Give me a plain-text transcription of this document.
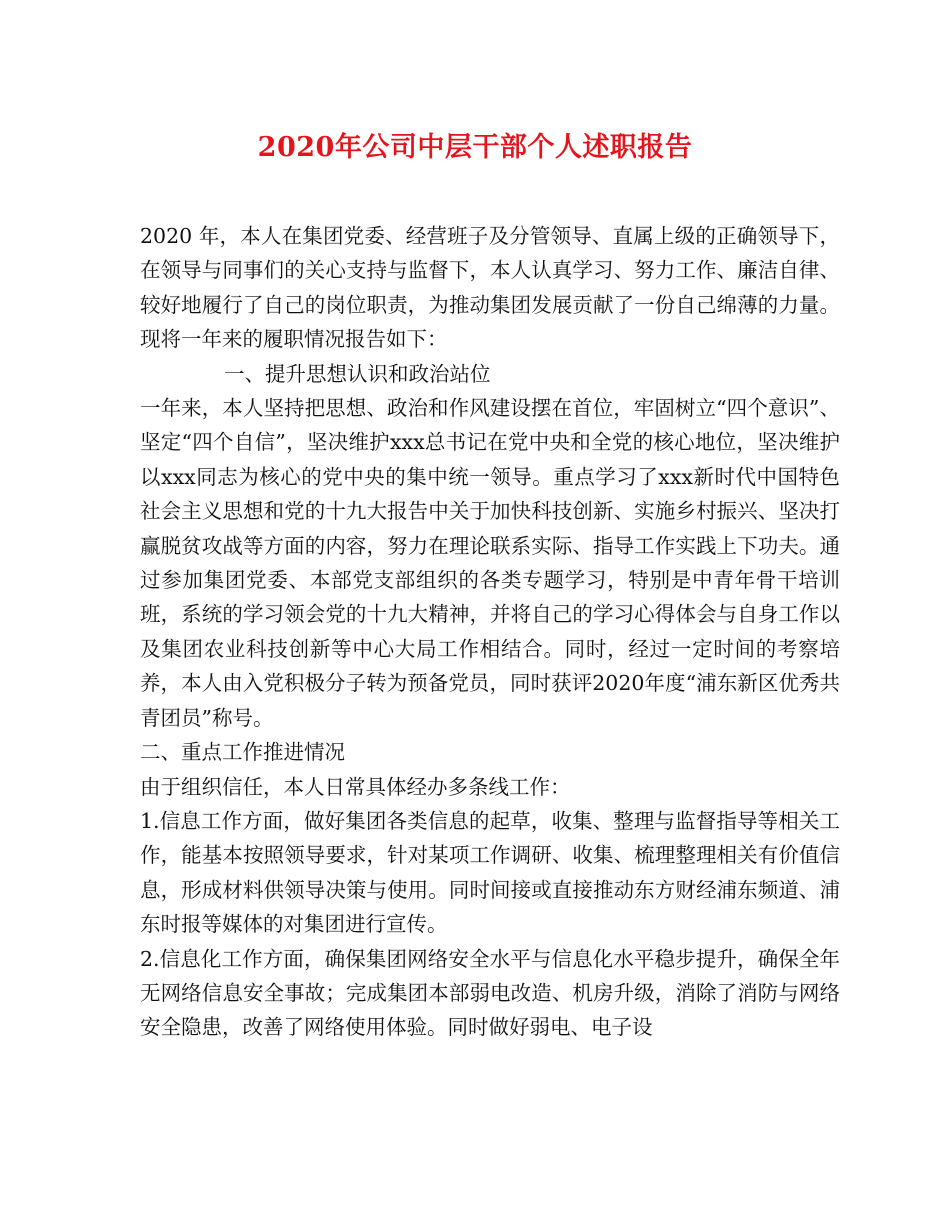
2020年公司中层干部个人述职报告

2020 年，本人在集团党委、经营班子及分管领导、直属上级的正确领导下，在领导与同事们的关心支持与监督下，本人认真学习、努力工作、廉洁自律、较好地履行了自己的岗位职责，为推动集团发展贡献了一份自己绵薄的力量。现将一年来的履职情况报告如下：

一、提升思想认识和政治站位

一年来，本人坚持把思想、政治和作风建设摆在首位，牢固树立“四个意识”、坚定“四个自信”，坚决维护xxx总书记在党中央和全党的核心地位，坚决维护以xxx同志为核心的党中央的集中统一领导。重点学习了xxx新时代中国特色社会主义思想和党的十九大报告中关于加快科技创新、实施乡村振兴、坚决打赢脱贫攻战等方面的内容，努力在理论联系实际、指导工作实践上下功夫。通过参加集团党委、本部党支部组织的各类专题学习，特别是中青年骨干培训班，系统的学习领会党的十九大精神，并将自己的学习心得体会与自身工作以及集团农业科技创新等中心大局工作相结合。同时，经过一定时间的考察培养，本人由入党积极分子转为预备党员，同时获评2020年度“浦东新区优秀共青团员”称号。

二、重点工作推进情况

由于组织信任，本人日常具体经办多条线工作：

1.信息工作方面，做好集团各类信息的起草，收集、整理与监督指导等相关工作，能基本按照领导要求，针对某项工作调研、收集、梳理整理相关有价值信息，形成材料供领导决策与使用。同时间接或直接推动东方财经浦东频道、浦东时报等媒体的对集团进行宣传。

2.信息化工作方面，确保集团网络安全水平与信息化水平稳步提升，确保全年无网络信息安全事故；完成集团本部弱电改造、机房升级，消除了消防与网络安全隐患，改善了网络使用体验。同时做好弱电、电子设
